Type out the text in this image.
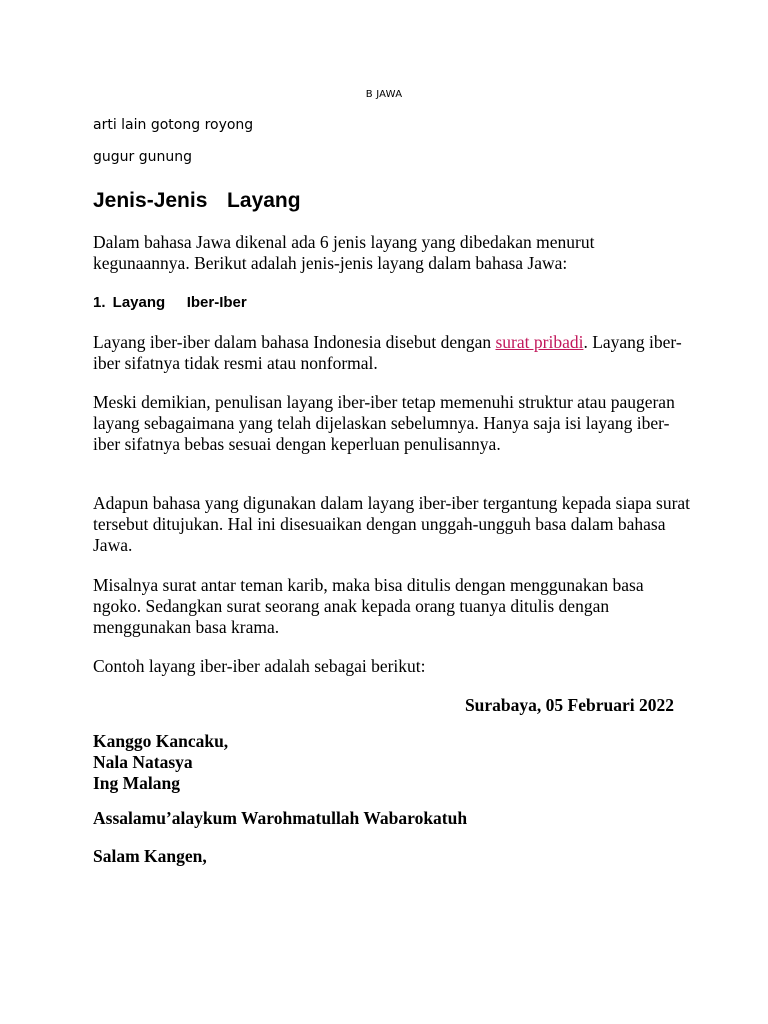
B JAWA
arti lain gotong royong
gugur gunung
Jenis-Jenis  Layang

Dalam bahasa Jawa dikenal ada 6 jenis layang yang dibedakan menurut kegunaannya. Berikut adalah jenis-jenis layang dalam bahasa Jawa:

1. Layang   Iber-Iber

Layang iber-iber dalam bahasa Indonesia disebut dengan surat pribadi. Layang iber-iber sifatnya tidak resmi atau nonformal.

Meski demikian, penulisan layang iber-iber tetap memenuhi struktur atau paugeran layang sebagaimana yang telah dijelaskan sebelumnya. Hanya saja isi layang iber-iber sifatnya bebas sesuai dengan keperluan penulisannya.

Adapun bahasa yang digunakan dalam layang iber-iber tergantung kepada siapa surat tersebut ditujukan. Hal ini disesuaikan dengan unggah-ungguh basa dalam bahasa Jawa.

Misalnya surat antar teman karib, maka bisa ditulis dengan menggunakan basa ngoko. Sedangkan surat seorang anak kepada orang tuanya ditulis dengan menggunakan basa krama.

Contoh layang iber-iber adalah sebagai berikut:

Surabaya, 05 Februari 2022
Kanggo Kancaku,
Nala Natasya
Ing Malang
Assalamu’alaykum Warohmatullah Wabarokatuh
Salam Kangen,
